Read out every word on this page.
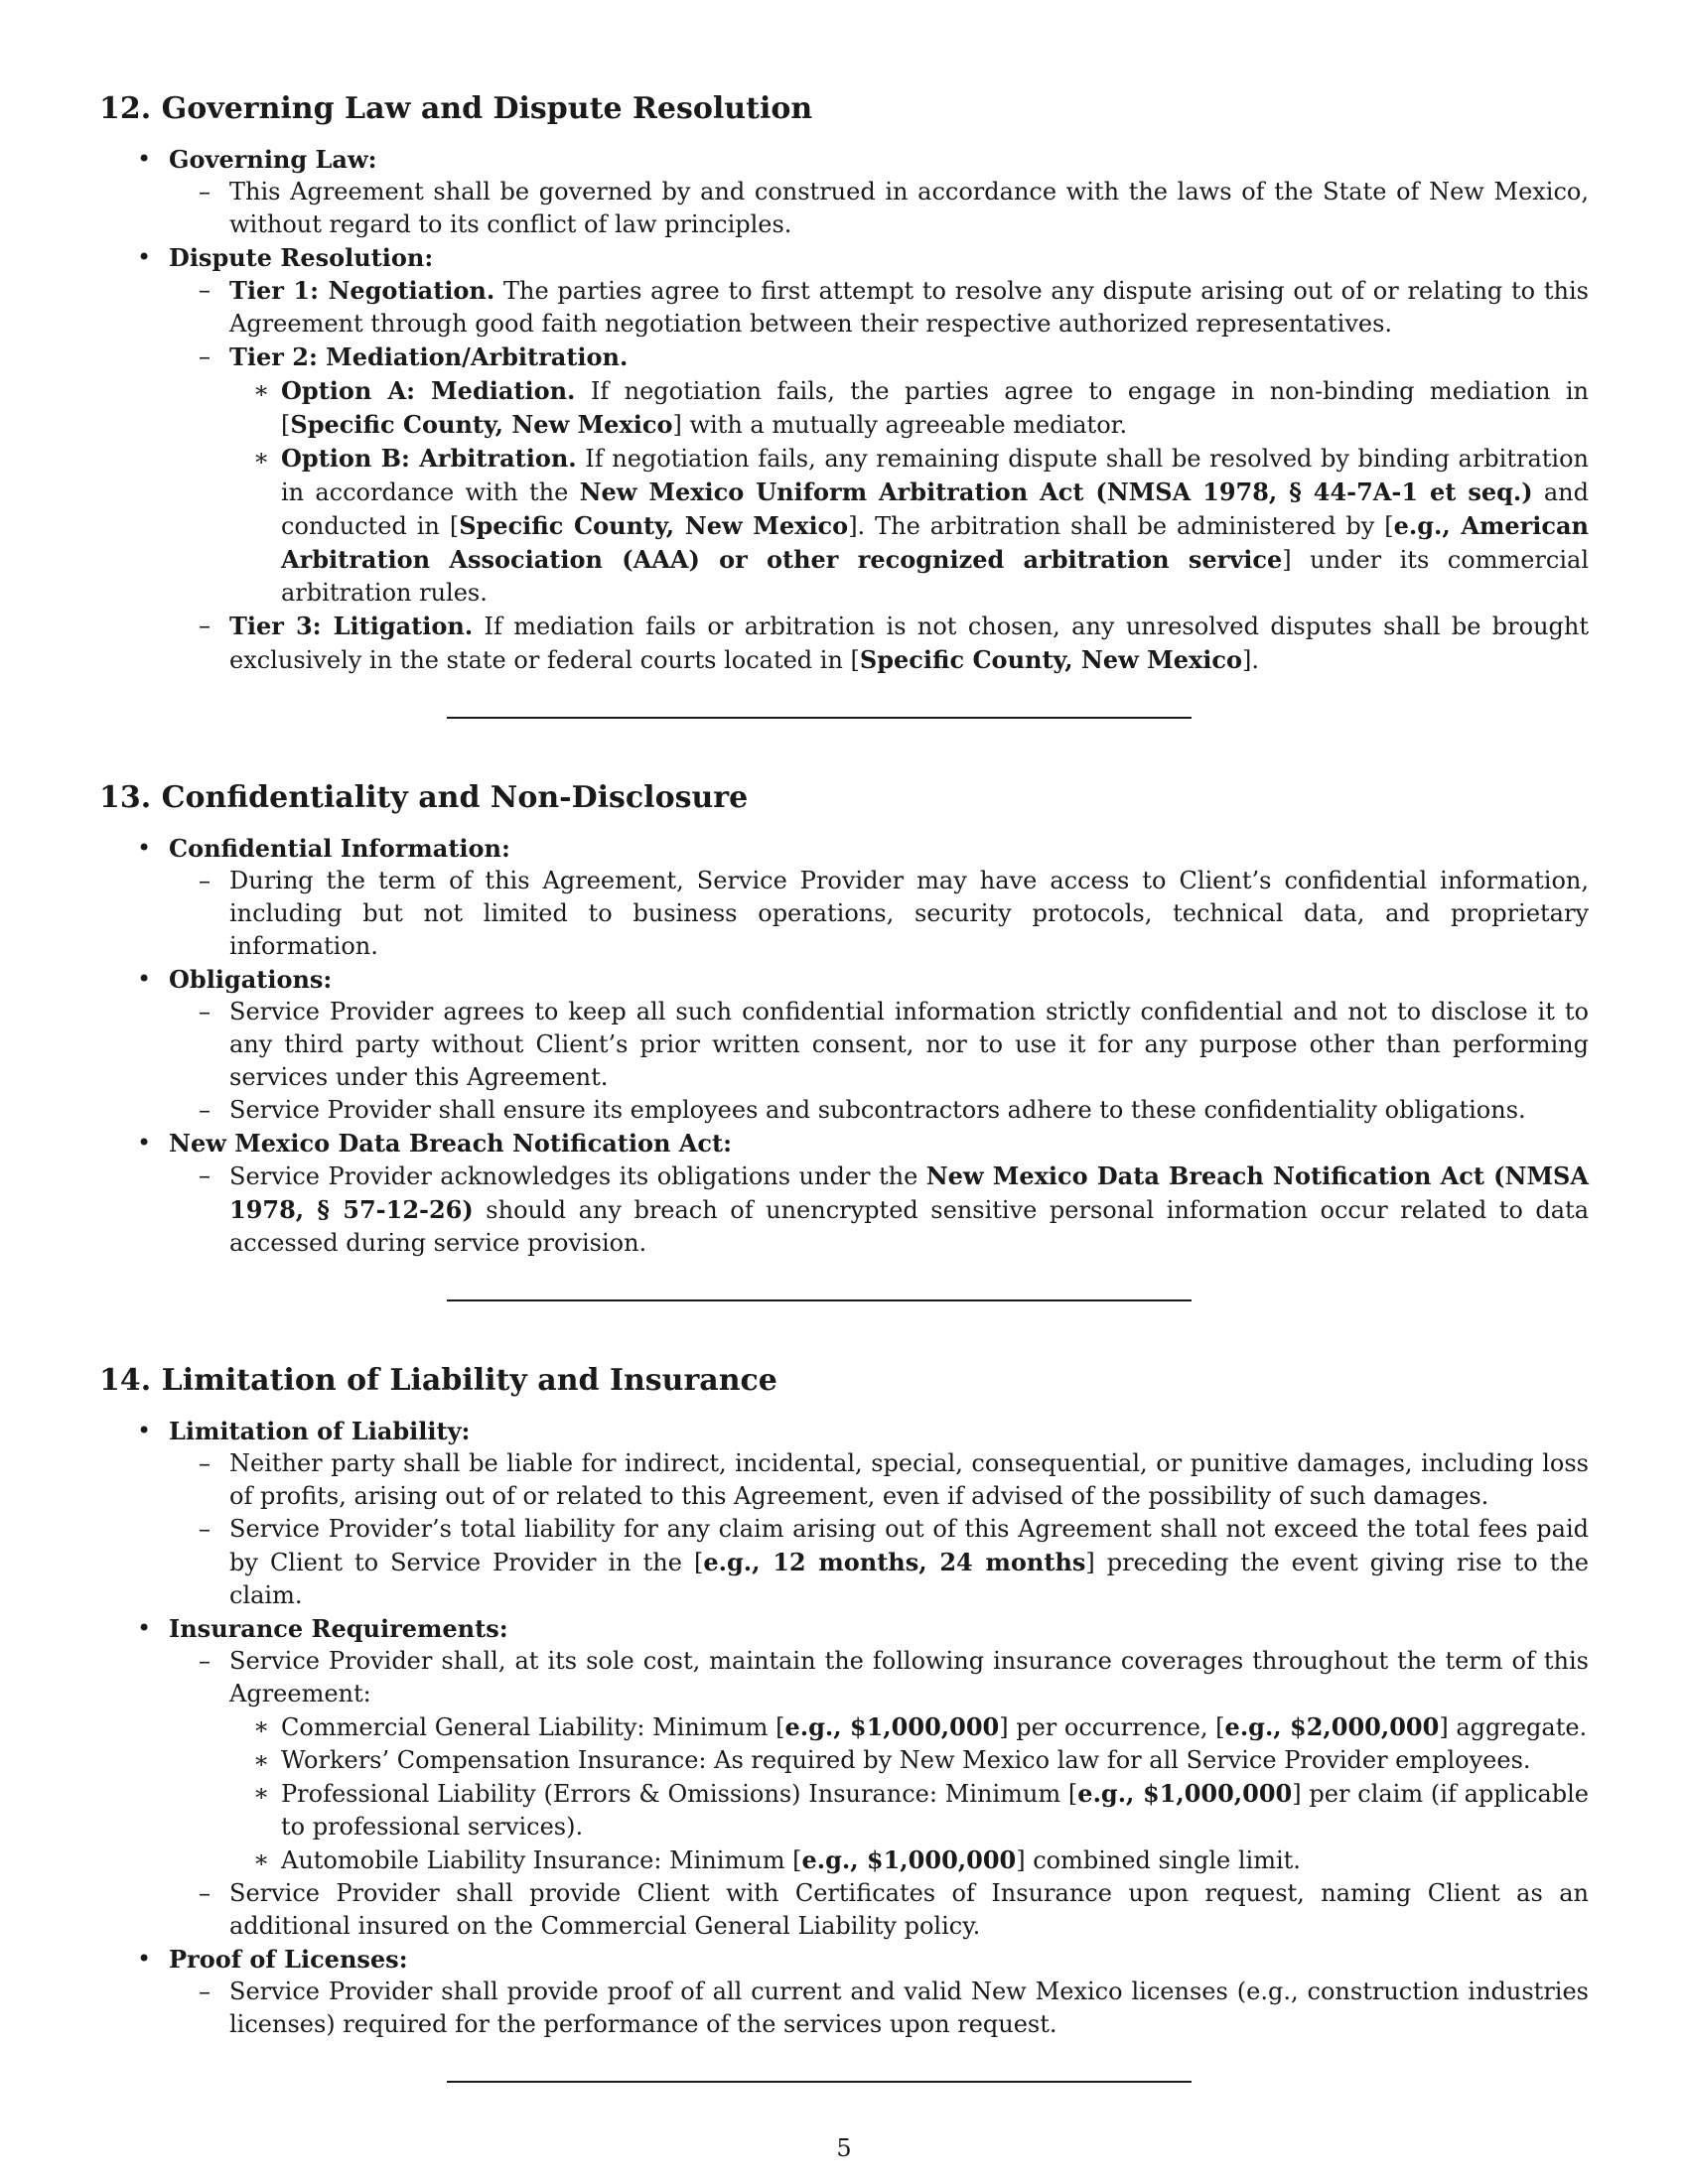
12. Governing Law and Dispute Resolution
• Governing Law:
– This Agreement shall be governed by and construed in accordance with the laws of the State of New Mexico, without regard to its conflict of law principles.
• Dispute Resolution:
– Tier 1: Negotiation. The parties agree to first attempt to resolve any dispute arising out of or relating to this Agreement through good faith negotiation between their respective authorized representatives.
– Tier 2: Mediation/Arbitration.
∗ Option A: Mediation. If negotiation fails, the parties agree to engage in non-binding mediation in [Specific County, New Mexico] with a mutually agreeable mediator.
∗ Option B: Arbitration. If negotiation fails, any remaining dispute shall be resolved by binding arbitration in accordance with the New Mexico Uniform Arbitration Act (NMSA 1978, § 44-7A-1 et seq.) and conducted in [Specific County, New Mexico]. The arbitration shall be administered by [e.g., American Arbitration Association (AAA) or other recognized arbitration service] under its commercial arbitration rules.
– Tier 3: Litigation. If mediation fails or arbitration is not chosen, any unresolved disputes shall be brought exclusively in the state or federal courts located in [Specific County, New Mexico].
13. Confidentiality and Non-Disclosure
• Confidential Information:
– During the term of this Agreement, Service Provider may have access to Client’s confidential information, including but not limited to business operations, security protocols, technical data, and proprietary information.
• Obligations:
– Service Provider agrees to keep all such confidential information strictly confidential and not to disclose it to any third party without Client’s prior written consent, nor to use it for any purpose other than performing services under this Agreement.
– Service Provider shall ensure its employees and subcontractors adhere to these confidentiality obligations.
• New Mexico Data Breach Notification Act:
– Service Provider acknowledges its obligations under the New Mexico Data Breach Notification Act (NMSA 1978, § 57-12-26) should any breach of unencrypted sensitive personal information occur related to data accessed during service provision.
14. Limitation of Liability and Insurance
• Limitation of Liability:
– Neither party shall be liable for indirect, incidental, special, consequential, or punitive damages, including loss of profits, arising out of or related to this Agreement, even if advised of the possibility of such damages.
– Service Provider’s total liability for any claim arising out of this Agreement shall not exceed the total fees paid by Client to Service Provider in the [e.g., 12 months, 24 months] preceding the event giving rise to the claim.
• Insurance Requirements:
– Service Provider shall, at its sole cost, maintain the following insurance coverages throughout the term of this Agreement:
∗ Commercial General Liability: Minimum [e.g., $1,000,000] per occurrence, [e.g., $2,000,000] aggregate.
∗ Workers’ Compensation Insurance: As required by New Mexico law for all Service Provider employees.
∗ Professional Liability (Errors & Omissions) Insurance: Minimum [e.g., $1,000,000] per claim (if applicable to professional services).
∗ Automobile Liability Insurance: Minimum [e.g., $1,000,000] combined single limit.
– Service Provider shall provide Client with Certificates of Insurance upon request, naming Client as an additional insured on the Commercial General Liability policy.
• Proof of Licenses:
– Service Provider shall provide proof of all current and valid New Mexico licenses (e.g., construction industries licenses) required for the performance of the services upon request.
5
